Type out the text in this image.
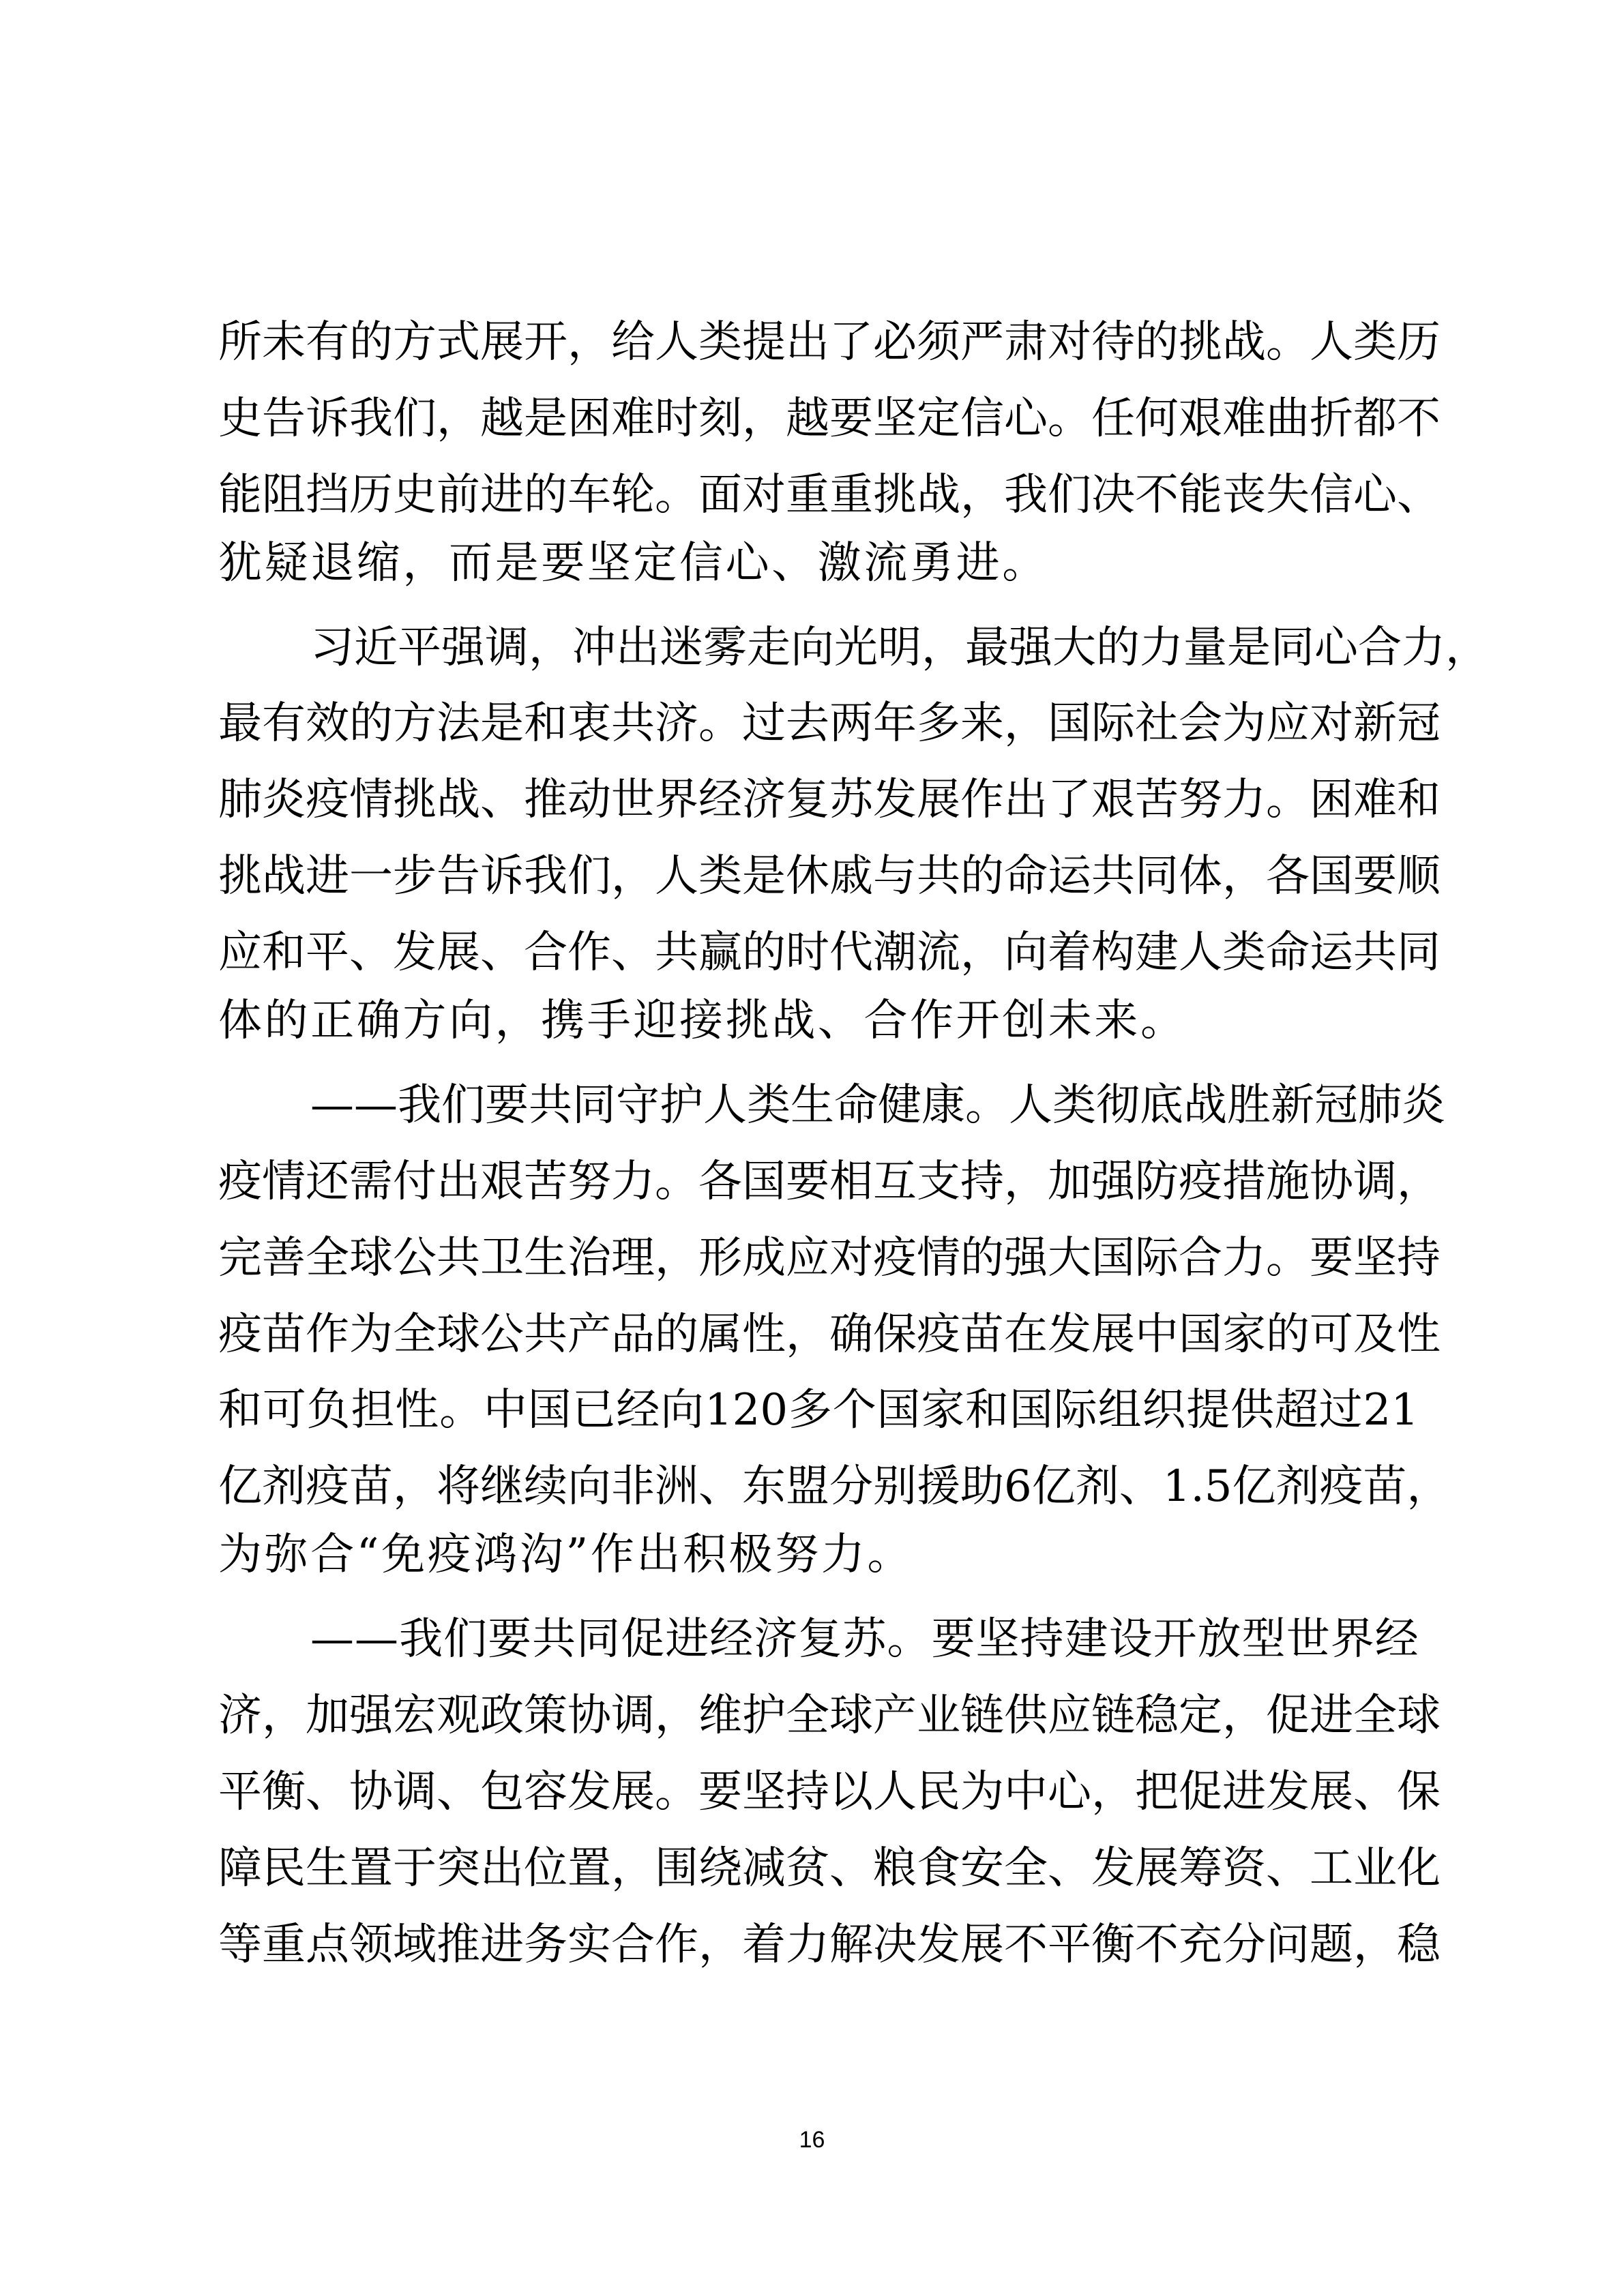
所 未 有 的 方 式 展 开 ， 给 人 类 提 出 了 必 须 严 肃 对 待 的 挑 战 。 人 类 历
史 告 诉 我 们 ， 越 是 困 难 时 刻 ， 越 要 坚 定 信 心 。 任 何 艰 难 曲 折 都 不
能 阻 挡 历 史 前 进 的 车 轮 。 面 对 重 重 挑 战 ， 我 们 决 不 能 丧 失 信 心 、
犹疑退缩，而是要坚定信心、激流勇进。
习 近 平 强 调 ， 冲 出 迷 雾 走 向 光 明 ， 最 强 大 的 力 量 是 同 心 合 力 ，
最 有 效 的 方 法 是 和 衷 共 济 。 过 去 两 年 多 来 ， 国 际 社 会 为 应 对 新 冠
肺 炎 疫 情 挑 战 、 推 动 世 界 经 济 复 苏 发 展 作 出 了 艰 苦 努 力 。 困 难 和
挑 战 进 一 步 告 诉 我 们 ， 人 类 是 休 戚 与 共 的 命 运 共 同 体 ， 各 国 要 顺
应 和 平 、 发 展 、 合 作 、 共 赢 的 时 代 潮 流 ， 向 着 构 建 人 类 命 运 共 同
体的正确方向，携手迎接挑战、合作开创未来。
— — 我 们 要 共 同 守 护 人 类 生 命 健 康 。 人 类 彻 底 战 胜 新 冠 肺 炎
疫 情 还 需 付 出 艰 苦 努 力 。 各 国 要 相 互 支 持 ， 加 强 防 疫 措 施 协 调 ，
完 善 全 球 公 共 卫 生 治 理 ， 形 成 应 对 疫 情 的 强 大 国 际 合 力 。 要 坚 持
疫 苗 作 为 全 球 公 共 产 品 的 属 性 ， 确 保 疫 苗 在 发 展 中 国 家 的 可 及 性
和 可 负 担 性 。 中 国 已 经 向 120 多 个 国 家 和 国 际 组 织 提 供 超 过 21
亿 剂 疫 苗 ， 将 继 续 向 非 洲 、 东 盟 分 别 援 助 6 亿 剂 、 1.5 亿 剂 疫 苗 ，
为弥合“免疫鸿沟”作出积极努力。
— — 我 们 要 共 同 促 进 经 济 复 苏 。 要 坚 持 建 设 开 放 型 世 界 经
济 ， 加 强 宏 观 政 策 协 调 ， 维 护 全 球 产 业 链 供 应 链 稳 定 ， 促 进 全 球
平 衡 、 协 调 、 包 容 发 展 。 要 坚 持 以 人 民 为 中 心 ， 把 促 进 发 展 、 保
障 民 生 置 于 突 出 位 置 ， 围 绕 减 贫 、 粮 食 安 全 、 发 展 筹 资 、 工 业 化
等 重 点 领 域 推 进 务 实 合 作 ， 着 力 解 决 发 展 不 平 衡 不 充 分 问 题 ， 稳
16
